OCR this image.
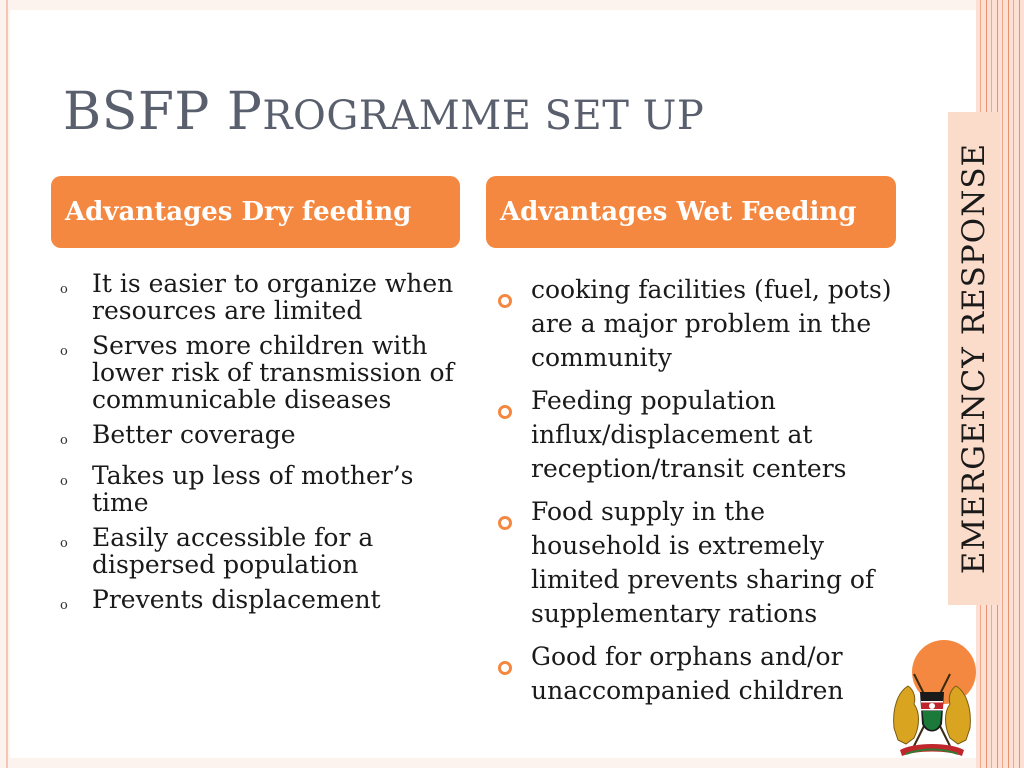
BSFP PROGRAMME SET UP
Advantages Dry feeding	Advantages Wet Feeding
o It is easier to organize when resources are limited
o Serves more children with lower risk of transmission of communicable diseases
o Better coverage
o Takes up less of mother’s time
o Easily accessible for a dispersed population
o Prevents displacement
cooking facilities (fuel, pots) are a major problem in the community
Feeding population influx/displacement at reception/transit centers
Food supply in the household is extremely limited prevents sharing of supplementary rations
Good for orphans and/or unaccompanied children
EMERGENCY RESPONSE
